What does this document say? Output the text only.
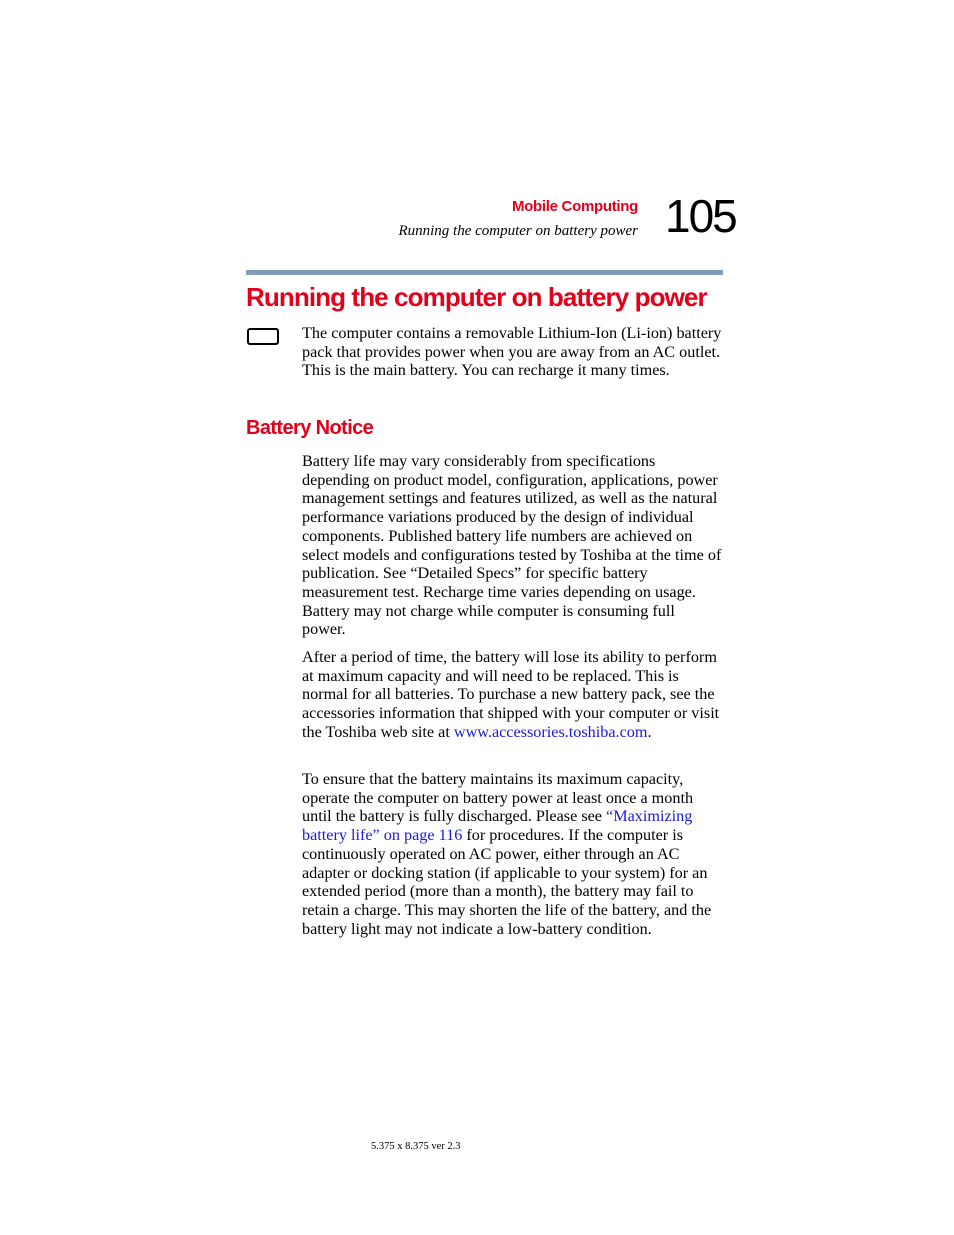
Mobile Computing
Running the computer on battery power 105
Running the computer on battery power

The computer contains a removable Lithium-Ion (Li-ion) battery pack that provides power when you are away from an AC outlet. This is the main battery. You can recharge it many times.

Battery Notice

Battery life may vary considerably from specifications depending on product model, configuration, applications, power management settings and features utilized, as well as the natural performance variations produced by the design of individual components. Published battery life numbers are achieved on select models and configurations tested by Toshiba at the time of publication. See “Detailed Specs” for specific battery measurement test. Recharge time varies depending on usage. Battery may not charge while computer is consuming full power.

After a period of time, the battery will lose its ability to perform at maximum capacity and will need to be replaced. This is normal for all batteries. To purchase a new battery pack, see the accessories information that shipped with your computer or visit the Toshiba web site at www.accessories.toshiba.com.

To ensure that the battery maintains its maximum capacity, operate the computer on battery power at least once a month until the battery is fully discharged. Please see “Maximizing battery life” on page 116 for procedures. If the computer is continuously operated on AC power, either through an AC adapter or docking station (if applicable to your system) for an extended period (more than a month), the battery may fail to retain a charge. This may shorten the life of the battery, and the battery light may not indicate a low-battery condition.

5.375 x 8.375 ver 2.3
